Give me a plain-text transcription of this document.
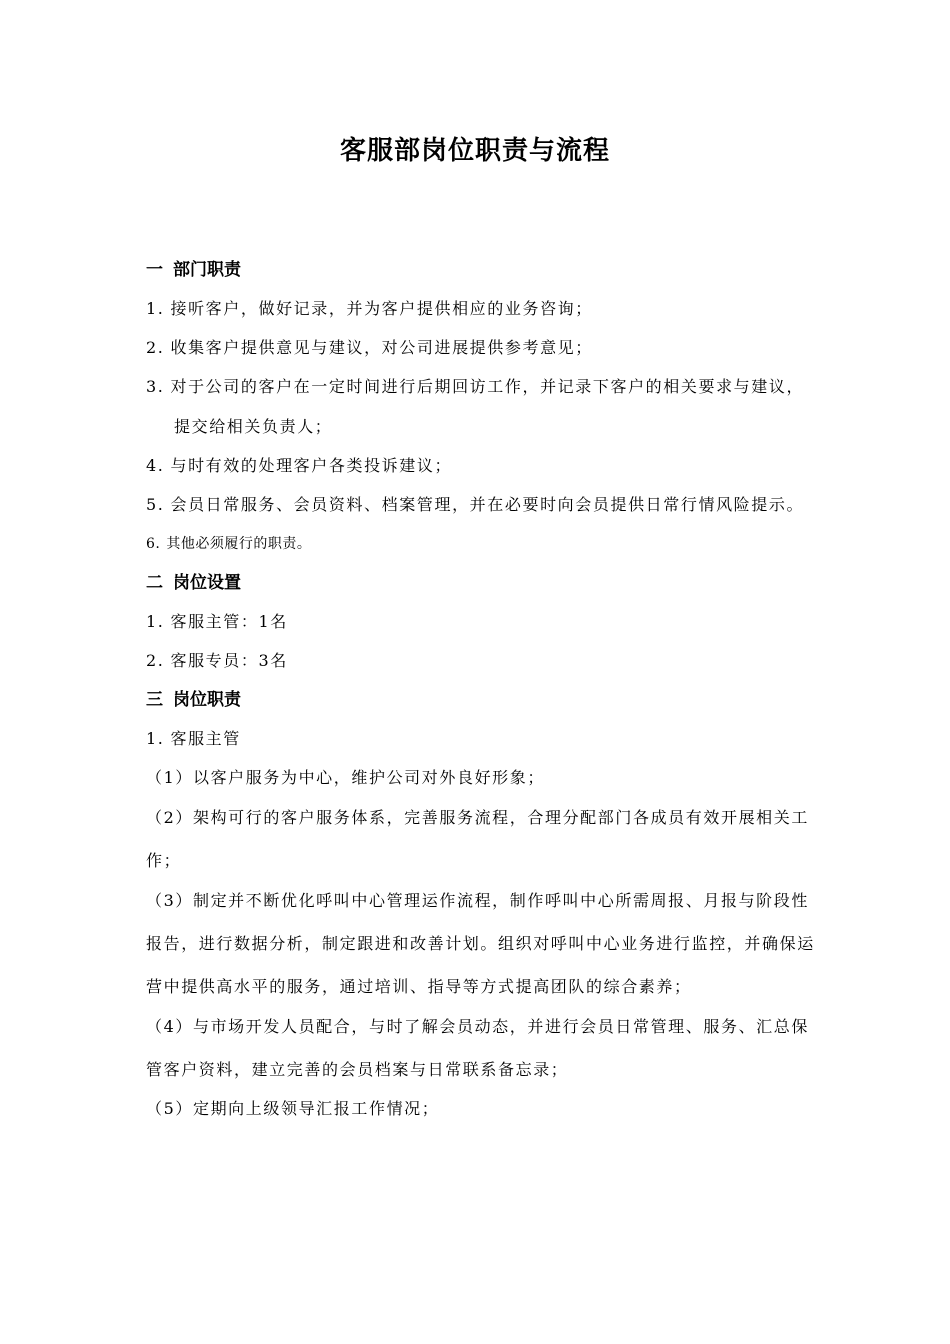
客服部岗位职责与流程
一 部门职责
1. 接听客户，做好记录，并为客户提供相应的业务咨询；
2. 收集客户提供意见与建议，对公司进展提供参考意见；
3. 对于公司的客户在一定时间进行后期回访工作，并记录下客户的相关要求与建议，提交给相关负责人；
4. 与时有效的处理客户各类投诉建议；
5. 会员日常服务、会员资料、档案管理，并在必要时向会员提供日常行情风险提示。
6. 其他必须履行的职责。
二 岗位设置
1. 客服主管：1名
2. 客服专员：3名
三 岗位职责
1. 客服主管
（1）以客户服务为中心，维护公司对外良好形象；
（2）架构可行的客户服务体系，完善服务流程，合理分配部门各成员有效开展相关工作；
（3）制定并不断优化呼叫中心管理运作流程，制作呼叫中心所需周报、月报与阶段性报告，进行数据分析，制定跟进和改善计划。组织对呼叫中心业务进行监控，并确保运营中提供高水平的服务，通过培训、指导等方式提高团队的综合素养；
（4）与市场开发人员配合，与时了解会员动态，并进行会员日常管理、服务、汇总保管客户资料，建立完善的会员档案与日常联系备忘录；
（5）定期向上级领导汇报工作情况；
